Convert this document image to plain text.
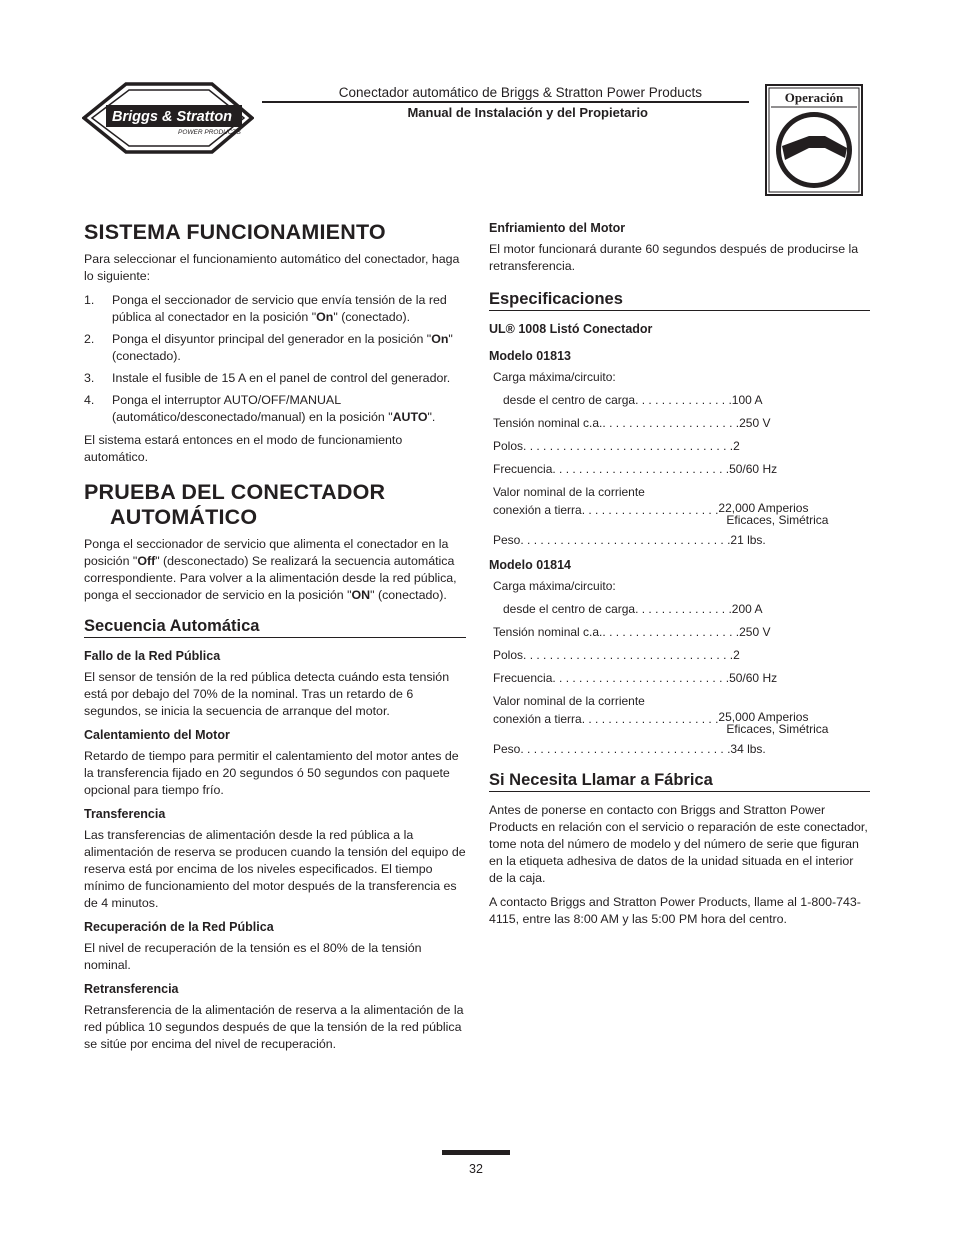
Briggs & Stratton
POWER PRODUCTS
Conectador automático de Briggs & Stratton Power Products
Manual de Instalación y del Propietario
Operación
SISTEMA FUNCIONAMIENTO

Para seleccionar el funcionamiento automático del conectador, haga lo siguiente:

1.	Ponga el seccionador de servicio que envía tensión de la red pública al conectador en la posición "On" (conectado).
2.	Ponga el disyuntor principal del generador en la posición "On" (conectado).
3.	Instale el fusible de 15 A en el panel de control del generador.
4.	Ponga el interruptor AUTO/OFF/MANUAL (automático/desconectado/manual) en la posición "AUTO".

El sistema estará entonces en el modo de funcionamiento automático.

PRUEBA DEL CONECTADOR
AUTOMÁTICO

Ponga el seccionador de servicio que alimenta el conectador en la posición "Off" (desconectado) Se realizará la secuencia automática correspondiente. Para volver a la alimentación desde la red pública, ponga el seccionador de servicio en la posición "ON" (conectado).

Secuencia Automática
Fallo de la Red Pública

El sensor de tensión de la red pública detecta cuándo esta tensión está por debajo del 70% de la nominal. Tras un retardo de 6 segundos, se inicia la secuencia de arranque del motor.

Calentamiento del Motor

Retardo de tiempo para permitir el calentamiento del motor antes de la transferencia fijado en 20 segundos ó 50 segundos con paquete opcional para tiempo frío.

Transferencia

Las transferencias de alimentación desde la red pública a la alimentación de reserva se producen cuando la tensión del equipo de reserva está por encima de los niveles especificados. El tiempo mínimo de funcionamiento del motor después de la transferencia es de 4 minutos.

Recuperación de la Red Pública

El nivel de recuperación de la tensión es el 80% de la tensión nominal.

Retransferencia

Retransferencia de la alimentación de reserva a la alimentación de la red pública 10 segundos después de que la tensión de la red pública se sitúe por encima del nivel de recuperación.

Enfriamiento del Motor

El motor funcionará durante 60 segundos después de producirse la retransferencia.

Especificaciones
UL® 1008 Listó Conectador
Modelo 01813
Carga máxima/circuito:
desde el centro de carga . . . . . . . . . . . . . . . 100 A
Tensión nominal c.a. . . . . . . . . . . . . . . . . . . . . . 250 V
Polos . . . . . . . . . . . . . . . . . . . . . . . . . . . . . . . . 2
Frecuencia . . . . . . . . . . . . . . . . . . . . . . . . . . . 50/60 Hz
Valor nominal de la corriente
conexión a tierra . . . . . . . . . . . . . . . . . . . . . 22,000 Amperios
Eficaces, Simétrica
Peso . . . . . . . . . . . . . . . . . . . . . . . . . . . . . . . . 21 lbs.
Modelo 01814
Carga máxima/circuito:
desde el centro de carga . . . . . . . . . . . . . . . 200 A
Tensión nominal c.a. . . . . . . . . . . . . . . . . . . . . . 250 V
Polos . . . . . . . . . . . . . . . . . . . . . . . . . . . . . . . . 2
Frecuencia . . . . . . . . . . . . . . . . . . . . . . . . . . . 50/60 Hz
Valor nominal de la corriente
conexión a tierra . . . . . . . . . . . . . . . . . . . . . 25,000 Amperios
Eficaces, Simétrica
Peso . . . . . . . . . . . . . . . . . . . . . . . . . . . . . . . . 34 lbs.
Si Necesita Llamar a Fábrica

Antes de ponerse en contacto con Briggs and Stratton Power Products en relación con el servicio o reparación de este conectador, tome nota del número de modelo y del número de serie que figuran en la etiqueta adhesiva de datos de la unidad situada en el interior de la caja.

A contacto Briggs and Stratton Power Products, llame al 1-800-743-4115, entre las 8:00 AM y las 5:00 PM hora del centro.

32
